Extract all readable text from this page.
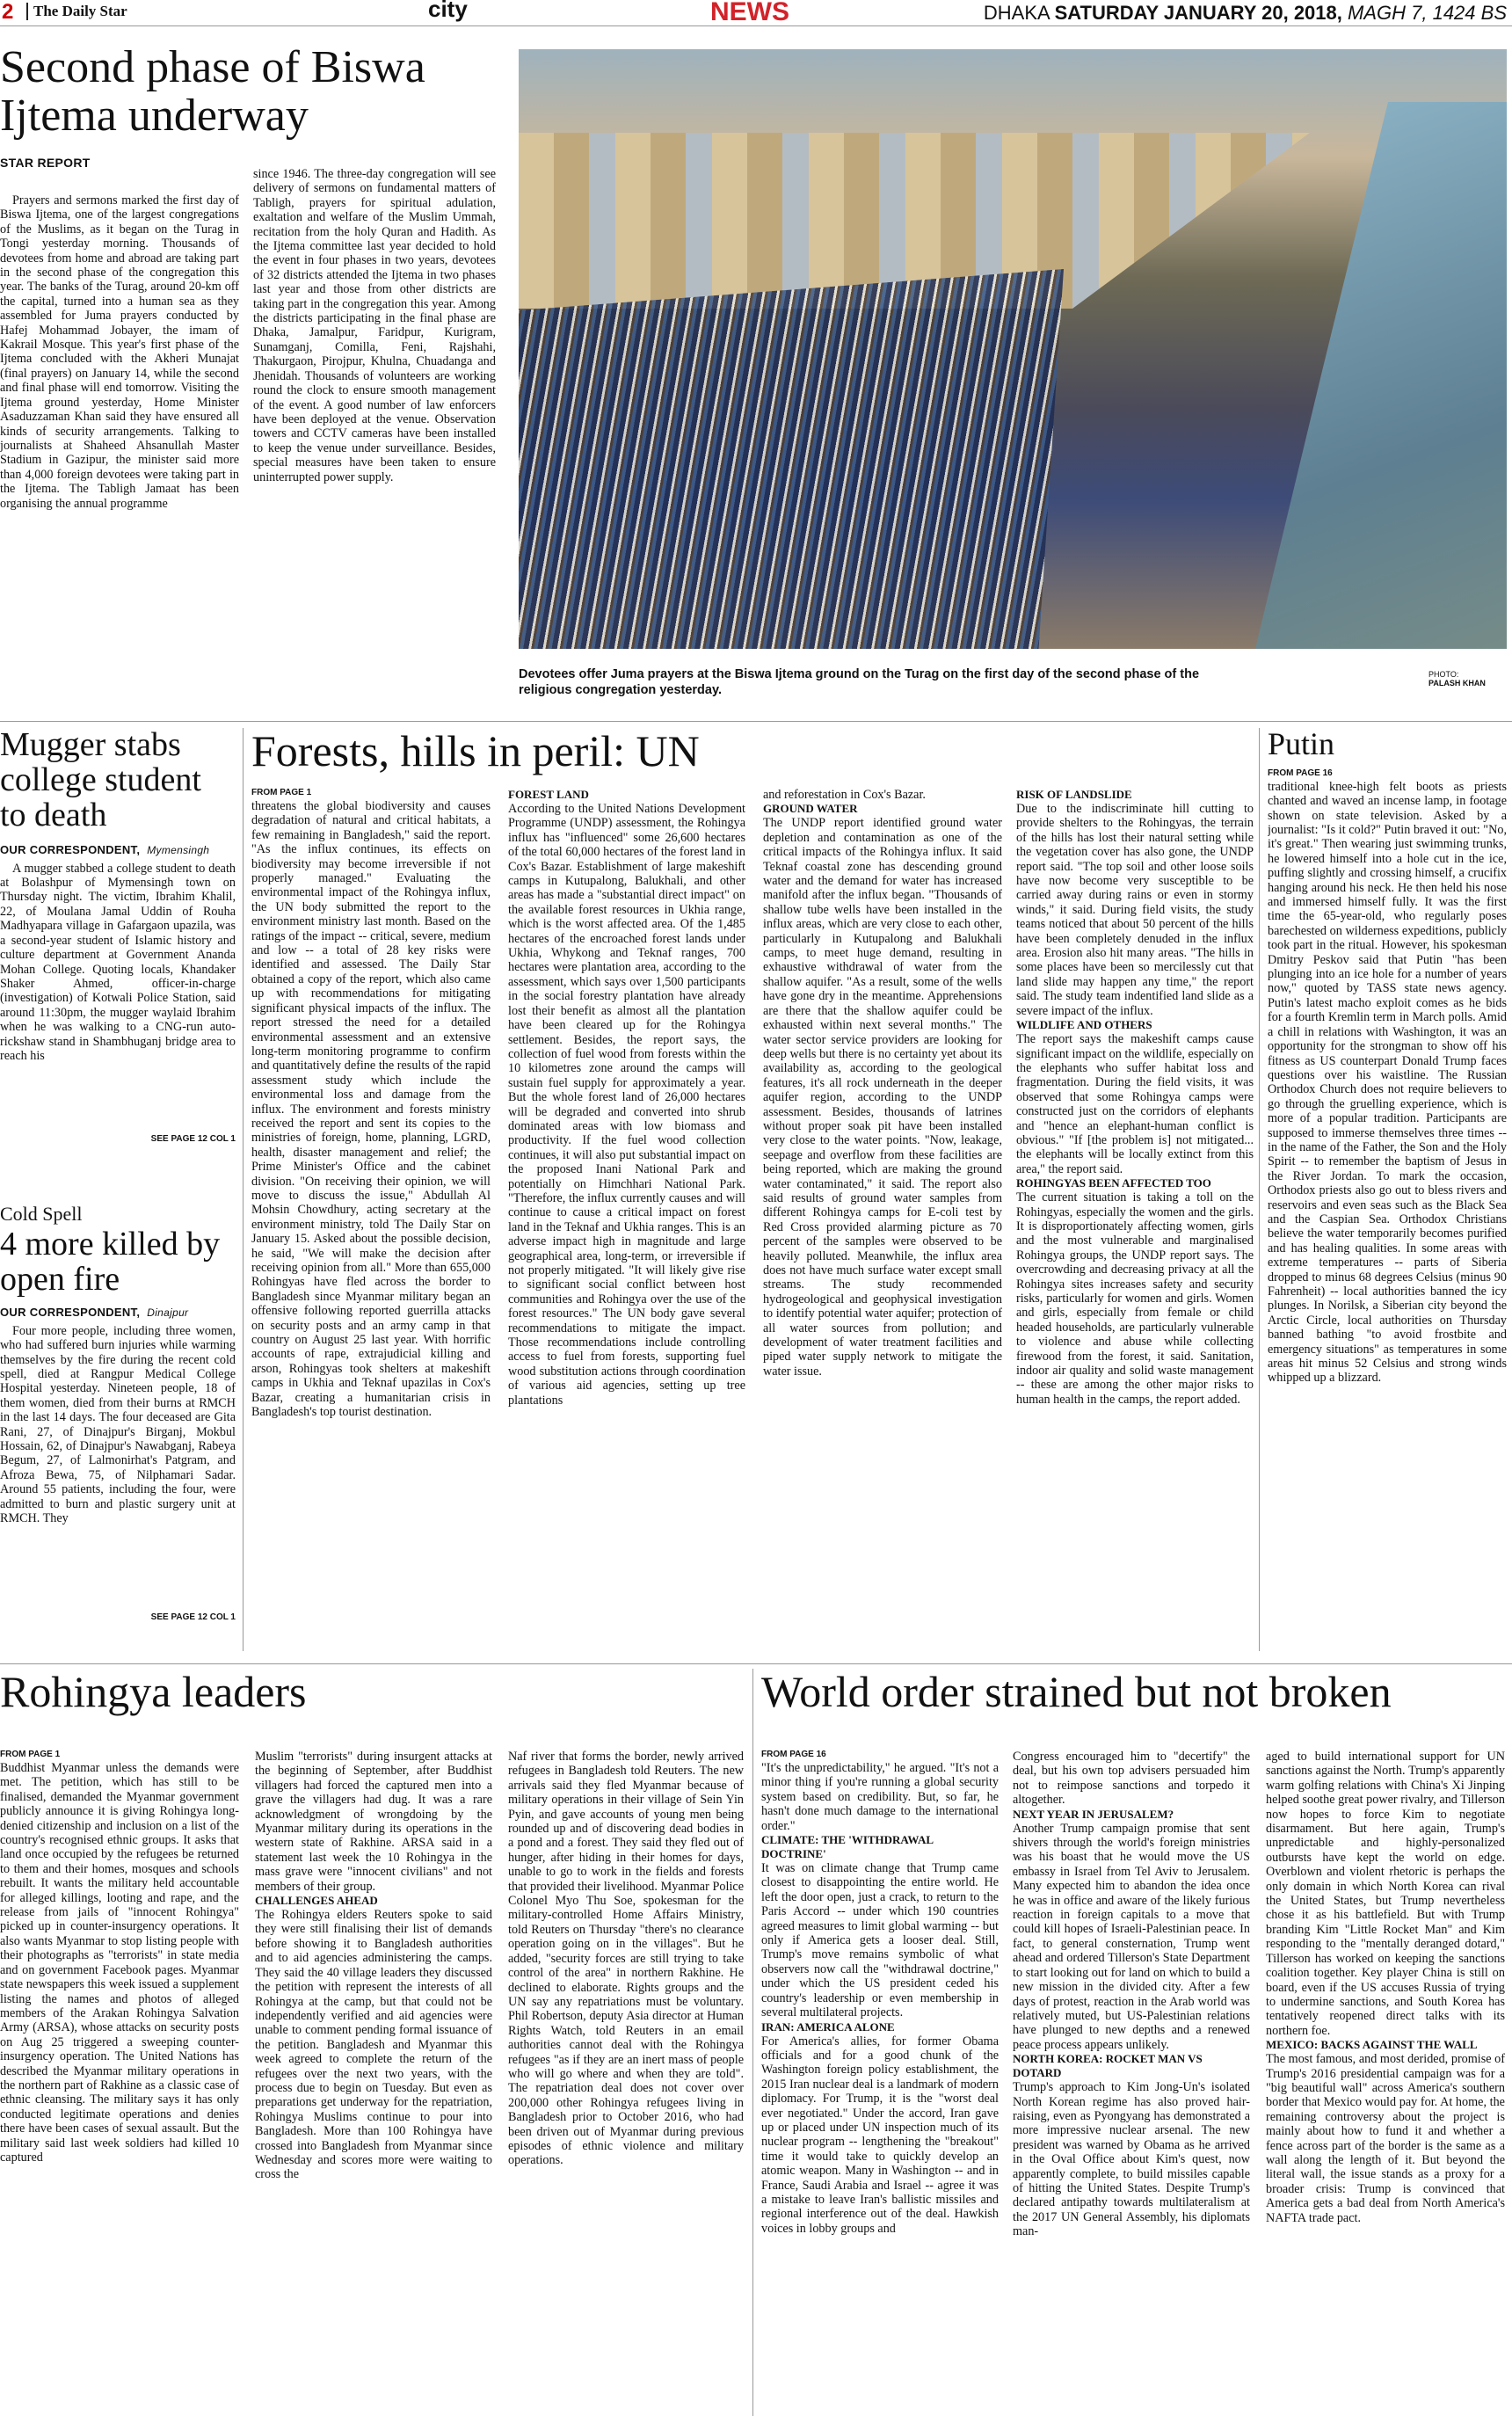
2	The Daily Star	city	NEWS	DHAKA SATURDAY JANUARY 20, 2018, MAGH 7, 1424 BS
Second phase of Biswa Ijtema underway
STAR REPORT
Prayers and sermons marked the first day of Biswa Ijtema, one of the largest congregations of the Muslims, as it began on the Turag in Tongi yesterday morning. Thousands of devotees from home and abroad are taking part in the second phase of the congregation this year. The banks of the Turag, around 20-km off the capital, turned into a human sea as they assembled for Juma prayers conducted by Hafej Mohammad Jobayer, the imam of Kakrail Mosque. This year's first phase of the Ijtema concluded with the Akheri Munajat (final prayers) on January 14, while the second and final phase will end tomorrow. Visiting the Ijtema ground yesterday, Home Minister Asaduzzaman Khan said they have ensured all kinds of security arrangements. Talking to journalists at Shaheed Ahsanullah Master Stadium in Gazipur, the minister said more than 4,000 foreign devotees were taking part in the Ijtema. The Tabligh Jamaat has been organising the annual programme
since 1946. The three-day congregation will see delivery of sermons on fundamental matters of Tabligh, prayers for spiritual adulation, exaltation and welfare of the Muslim Ummah, recitation from the holy Quran and Hadith. As the Ijtema committee last year decided to hold the event in four phases in two years, devotees of 32 districts attended the Ijtema in two phases last year and those from other districts are taking part in the congregation this year. Among the districts participating in the final phase are Dhaka, Jamalpur, Faridpur, Kurigram, Sunamganj, Comilla, Feni, Rajshahi, Thakurgaon, Pirojpur, Khulna, Chuadanga and Jhenidah. Thousands of volunteers are working round the clock to ensure smooth management of the event. A good number of law enforcers have been deployed at the venue. Observation towers and CCTV cameras have been installed to keep the venue under surveillance. Besides, special measures have been taken to ensure uninterrupted power supply.
Devotees offer Juma prayers at the Biswa Ijtema ground on the Turag on the first day of the second phase of the religious congregation yesterday.
PHOTO:
PALASH KHAN
Mugger stabs college student to death
OUR CORRESPONDENT, Mymensingh
A mugger stabbed a college student to death at Bolashpur of Mymensingh town on Thursday night. The victim, Ibrahim Khalil, 22, of Moulana Jamal Uddin of Rouha Madhyapara village in Gafargaon upazila, was a second-year student of Islamic history and culture department at Government Ananda Mohan College. Quoting locals, Khandaker Shaker Ahmed, officer-in-charge (investigation) of Kotwali Police Station, said around 11:30pm, the mugger waylaid Ibrahim when he was walking to a CNG-run auto-rickshaw stand in Shambhuganj bridge area to reach his
SEE PAGE 12 COL 1
Cold Spell
4 more killed by open fire
OUR CORRESPONDENT, Dinajpur
Four more people, including three women, who had suffered burn injuries while warming themselves by the fire during the recent cold spell, died at Rangpur Medical College Hospital yesterday. Nineteen people, 18 of them women, died from their burns at RMCH in the last 14 days. The four deceased are Gita Rani, 27, of Dinajpur's Birganj, Mokbul Hossain, 62, of Dinajpur's Nawabganj, Rabeya Begum, 27, of Lalmonirhat's Patgram, and Afroza Bewa, 75, of Nilphamari Sadar. Around 55 patients, including the four, were admitted to burn and plastic surgery unit at RMCH. They
SEE PAGE 12 COL 1
Forests, hills in peril: UN
FROM PAGE 1
threatens the global biodiversity and causes degradation of natural and critical habitats, a few remaining in Bangladesh," said the report. "As the influx continues, its effects on biodiversity may become irreversible if not properly managed." Evaluating the environmental impact of the Rohingya influx, the UN body submitted the report to the environment ministry last month. Based on the ratings of the impact -- critical, severe, medium and low -- a total of 28 key risks were identified and assessed. The Daily Star obtained a copy of the report, which also came up with recommendations for mitigating significant physical impacts of the influx. The report stressed the need for a detailed environmental assessment and an extensive long-term monitoring programme to confirm and quantitatively define the results of the rapid assessment study which include the environmental loss and damage from the influx. The environment and forests ministry received the report and sent its copies to the ministries of foreign, home, planning, LGRD, health, disaster management and relief; the Prime Minister's Office and the cabinet division. "On receiving their opinion, we will move to discuss the issue," Abdullah Al Mohsin Chowdhury, acting secretary at the environment ministry, told The Daily Star on January 15. Asked about the possible decision, he said, "We will make the decision after receiving opinion from all." More than 655,000 Rohingyas have fled across the border to Bangladesh since Myanmar military began an offensive following reported guerrilla attacks on security posts and an army camp in that country on August 25 last year. With horrific accounts of rape, extrajudicial killing and arson, Rohingyas took shelters at makeshift camps in Ukhia and Teknaf upazilas in Cox's Bazar, creating a humanitarian crisis in Bangladesh's top tourist destination.
FOREST LAND
According to the United Nations Development Programme (UNDP) assessment, the Rohingya influx has "influenced" some 26,600 hectares of the total 60,000 hectares of the forest land in Cox's Bazar. Establishment of large makeshift camps in Kutupalong, Balukhali, and other areas has made a "substantial direct impact" on the available forest resources in Ukhia range, which is the worst affected area. Of the 1,485 hectares of the encroached forest lands under Ukhia, Whykong and Teknaf ranges, 700 hectares were plantation area, according to the assessment, which says over 1,500 participants in the social forestry plantation have already lost their benefit as almost all the plantation have been cleared up for the Rohingya settlement. Besides, the report says, the collection of fuel wood from forests within the 10 kilometres zone around the camps will sustain fuel supply for approximately a year. But the whole forest land of 26,000 hectares will be degraded and converted into shrub dominated areas with low biomass and productivity. If the fuel wood collection continues, it will also put substantial impact on the proposed Inani National Park and potentially on Himchhari National Park. "Therefore, the influx currently causes and will continue to cause a critical impact on forest land in the Teknaf and Ukhia ranges. This is an adverse impact high in magnitude and large geographical area, long-term, or irreversible if not properly mitigated. "It will likely give rise to significant social conflict between host communities and Rohingya over the use of the forest resources." The UN body gave several recommendations to mitigate the impact. Those recommendations include controlling access to fuel from forests, supporting fuel wood substitution actions through coordination of various aid agencies, setting up tree plantations
and reforestation in Cox's Bazar.
GROUND WATER
The UNDP report identified ground water depletion and contamination as one of the critical impacts of the Rohingya influx. It said Teknaf coastal zone has descending ground water and the demand for water has increased manifold after the influx began. "Thousands of shallow tube wells have been installed in the influx areas, which are very close to each other, particularly in Kutupalong and Balukhali camps, to meet huge demand, resulting in exhaustive withdrawal of water from the shallow aquifer. "As a result, some of the wells have gone dry in the meantime. Apprehensions are there that the shallow aquifer could be exhausted within next several months." The water sector service providers are looking for deep wells but there is no certainty yet about its availability as, according to the geological features, it's all rock underneath in the deeper aquifer region, according to the UNDP assessment. Besides, thousands of latrines without proper soak pit have been installed very close to the water points. "Now, leakage, seepage and overflow from these facilities are being reported, which are making the ground water contaminated," it said. The report also said results of ground water samples from different Rohingya camps for E-coli test by Red Cross provided alarming picture as 70 percent of the samples were observed to be heavily polluted. Meanwhile, the influx area does not have much surface water except small streams. The study recommended hydrogeological and geophysical investigation to identify potential water aquifer; protection of all water sources from pollution; and development of water treatment facilities and piped water supply network to mitigate the water issue.
RISK OF LANDSLIDE
Due to the indiscriminate hill cutting to provide shelters to the Rohingyas, the terrain of the hills has lost their natural setting while the vegetation cover has also gone, the UNDP report said. "The top soil and other loose soils have now become very susceptible to be carried away during rains or even in stormy winds," it said. During field visits, the study teams noticed that about 50 percent of the hills have been completely denuded in the influx area. Erosion also hit many areas. "The hills in some places have been so mercilessly cut that land slide may happen any time," the report said. The study team indentified land slide as a severe impact of the influx.
WILDLIFE AND OTHERS
The report says the makeshift camps cause significant impact on the wildlife, especially on the elephants who suffer habitat loss and fragmentation. During the field visits, it was observed that some Rohingya camps were constructed just on the corridors of elephants and "hence an elephant-human conflict is obvious." "If [the problem is] not mitigated... the elephants will be locally extinct from this area," the report said.
ROHINGYAS BEEN AFFECTED TOO
The current situation is taking a toll on the Rohingyas, especially the women and the girls. It is disproportionately affecting women, girls and the most vulnerable and marginalised Rohingya groups, the UNDP report says. The overcrowding and decreasing privacy at all the Rohingya sites increases safety and security risks, particularly for women and girls. Women and girls, especially from female or child headed households, are particularly vulnerable to violence and abuse while collecting firewood from the forest, it said. Sanitation, indoor air quality and solid waste management -- these are among the other major risks to human health in the camps, the report added.
Putin
FROM PAGE 16
traditional knee-high felt boots as priests chanted and waved an incense lamp, in footage shown on state television. Asked by a journalist: "Is it cold?" Putin braved it out: "No, it's great." Then wearing just swimming trunks, he lowered himself into a hole cut in the ice, puffing slightly and crossing himself, a crucifix hanging around his neck. He then held his nose and immersed himself fully. It was the first time the 65-year-old, who regularly poses barechested on wilderness expeditions, publicly took part in the ritual. However, his spokesman Dmitry Peskov said that Putin "has been plunging into an ice hole for a number of years now," quoted by TASS state news agency. Putin's latest macho exploit comes as he bids for a fourth Kremlin term in March polls. Amid a chill in relations with Washington, it was an opportunity for the strongman to show off his fitness as US counterpart Donald Trump faces questions over his waistline. The Russian Orthodox Church does not require believers to go through the gruelling experience, which is more of a popular tradition. Participants are supposed to immerse themselves three times -- in the name of the Father, the Son and the Holy Spirit -- to remember the baptism of Jesus in the River Jordan. To mark the occasion, Orthodox priests also go out to bless rivers and reservoirs and even seas such as the Black Sea and the Caspian Sea. Orthodox Christians believe the water temporarily becomes purified and has healing qualities. In some areas with extreme temperatures -- parts of Siberia dropped to minus 68 degrees Celsius (minus 90 Fahrenheit) -- local authorities banned the icy plunges. In Norilsk, a Siberian city beyond the Arctic Circle, local authorities on Thursday banned bathing "to avoid frostbite and emergency situations" as temperatures in some areas hit minus 52 Celsius and strong winds whipped up a blizzard.
Rohingya leaders
FROM PAGE 1
Buddhist Myanmar unless the demands were met. The petition, which has still to be finalised, demanded the Myanmar government publicly announce it is giving Rohingya long-denied citizenship and inclusion on a list of the country's recognised ethnic groups. It asks that land once occupied by the refugees be returned to them and their homes, mosques and schools rebuilt. It wants the military held accountable for alleged killings, looting and rape, and the release from jails of "innocent Rohingya" picked up in counter-insurgency operations. It also wants Myanmar to stop listing people with their photographs as "terrorists" in state media and on government Facebook pages. Myanmar state newspapers this week issued a supplement listing the names and photos of alleged members of the Arakan Rohingya Salvation Army (ARSA), whose attacks on security posts on Aug 25 triggered a sweeping counter-insurgency operation. The United Nations has described the Myanmar military operations in the northern part of Rakhine as a classic case of ethnic cleansing. The military says it has only conducted legitimate operations and denies there have been cases of sexual assault. But the military said last week soldiers had killed 10 captured
Muslim "terrorists" during insurgent attacks at the beginning of September, after Buddhist villagers had forced the captured men into a grave the villagers had dug. It was a rare acknowledgment of wrongdoing by the Myanmar military during its operations in the western state of Rakhine. ARSA said in a statement last week the 10 Rohingya in the mass grave were "innocent civilians" and not members of their group.
CHALLENGES AHEAD
The Rohingya elders Reuters spoke to said they were still finalising their list of demands before showing it to Bangladesh authorities and to aid agencies administering the camps. They said the 40 village leaders they discussed the petition with represent the interests of all Rohingya at the camp, but that could not be independently verified and aid agencies were unable to comment pending formal issuance of the petition. Bangladesh and Myanmar this week agreed to complete the return of the refugees over the next two years, with the process due to begin on Tuesday. But even as preparations get underway for the repatriation, Rohingya Muslims continue to pour into Bangladesh. More than 100 Rohingya have crossed into Bangladesh from Myanmar since Wednesday and scores more were waiting to cross the
Naf river that forms the border, newly arrived refugees in Bangladesh told Reuters. The new arrivals said they fled Myanmar because of military operations in their village of Sein Yin Pyin, and gave accounts of young men being rounded up and of discovering dead bodies in a pond and a forest. They said they fled out of hunger, after hiding in their homes for days, unable to go to work in the fields and forests that provided their livelihood. Myanmar Police Colonel Myo Thu Soe, spokesman for the military-controlled Home Affairs Ministry, told Reuters on Thursday "there's no clearance operation going on in the villages". But he added, "security forces are still trying to take control of the area" in northern Rakhine. He declined to elaborate. Rights groups and the UN say any repatriations must be voluntary. Phil Robertson, deputy Asia director at Human Rights Watch, told Reuters in an email authorities cannot deal with the Rohingya refugees "as if they are an inert mass of people who will go where and when they are told". The repatriation deal does not cover over 200,000 other Rohingya refugees living in Bangladesh prior to October 2016, who had been driven out of Myanmar during previous episodes of ethnic violence and military operations.
World order strained but not broken
FROM PAGE 16
"It's the unpredictability," he argued. "It's not a minor thing if you're running a global security system based on credibility. But, so far, he hasn't done much damage to the international order."
CLIMATE: THE 'WITHDRAWAL DOCTRINE'
It was on climate change that Trump came closest to disappointing the entire world. He left the door open, just a crack, to return to the Paris Accord -- under which 190 countries agreed measures to limit global warming -- but only if America gets a looser deal. Still, Trump's move remains symbolic of what observers now call the "withdrawal doctrine," under which the US president ceded his country's leadership or even membership in several multilateral projects.
IRAN: AMERICA ALONE
For America's allies, for former Obama officials and for a good chunk of the Washington foreign policy establishment, the 2015 Iran nuclear deal is a landmark of modern diplomacy. For Trump, it is the "worst deal ever negotiated." Under the accord, Iran gave up or placed under UN inspection much of its nuclear program -- lengthening the "breakout" time it would take to quickly develop an atomic weapon. Many in Washington -- and in France, Saudi Arabia and Israel -- agree it was a mistake to leave Iran's ballistic missiles and regional interference out of the deal. Hawkish voices in lobby groups and
Congress encouraged him to "decertify" the deal, but his own top advisers persuaded him not to reimpose sanctions and torpedo it altogether.
NEXT YEAR IN JERUSALEM?
Another Trump campaign promise that sent shivers through the world's foreign ministries was his boast that he would move the US embassy in Israel from Tel Aviv to Jerusalem. Many expected him to abandon the idea once he was in office and aware of the likely furious reaction in foreign capitals to a move that could kill hopes of Israeli-Palestinian peace. In fact, to general consternation, Trump went ahead and ordered Tillerson's State Department to start looking out for land on which to build a new mission in the divided city. After a few days of protest, reaction in the Arab world was relatively muted, but US-Palestinian relations have plunged to new depths and a renewed peace process appears unlikely.
NORTH KOREA: ROCKET MAN VS DOTARD
Trump's approach to Kim Jong-Un's isolated North Korean regime has also proved hair-raising, even as Pyongyang has demonstrated a more impressive nuclear arsenal. The new president was warned by Obama as he arrived in the Oval Office about Kim's quest, now apparently complete, to build missiles capable of hitting the United States. Despite Trump's declared antipathy towards multilateralism at the 2017 UN General Assembly, his diplomats man-
aged to build international support for UN sanctions against the North. Trump's apparently warm golfing relations with China's Xi Jinping helped soothe great power rivalry, and Tillerson now hopes to force Kim to negotiate disarmament. But here again, Trump's unpredictable and highly-personalized outbursts have kept the world on edge. Overblown and violent rhetoric is perhaps the only domain in which North Korea can rival the United States, but Trump nevertheless chose it as his battlefield. But with Trump branding Kim "Little Rocket Man" and Kim responding to the "mentally deranged dotard," Tillerson has worked on keeping the sanctions coalition together. Key player China is still on board, even if the US accuses Russia of trying to undermine sanctions, and South Korea has tentatively reopened direct talks with its northern foe.
MEXICO: BACKS AGAINST THE WALL
The most famous, and most derided, promise of Trump's 2016 presidential campaign was for a "big beautiful wall" across America's southern border that Mexico would pay for. At home, the remaining controversy about the project is mainly about how to fund it and whether a fence across part of the border is the same as a wall along the length of it. But beyond the literal wall, the issue stands as a proxy for a broader crisis: Trump is convinced that America gets a bad deal from North America's NAFTA trade pact.
